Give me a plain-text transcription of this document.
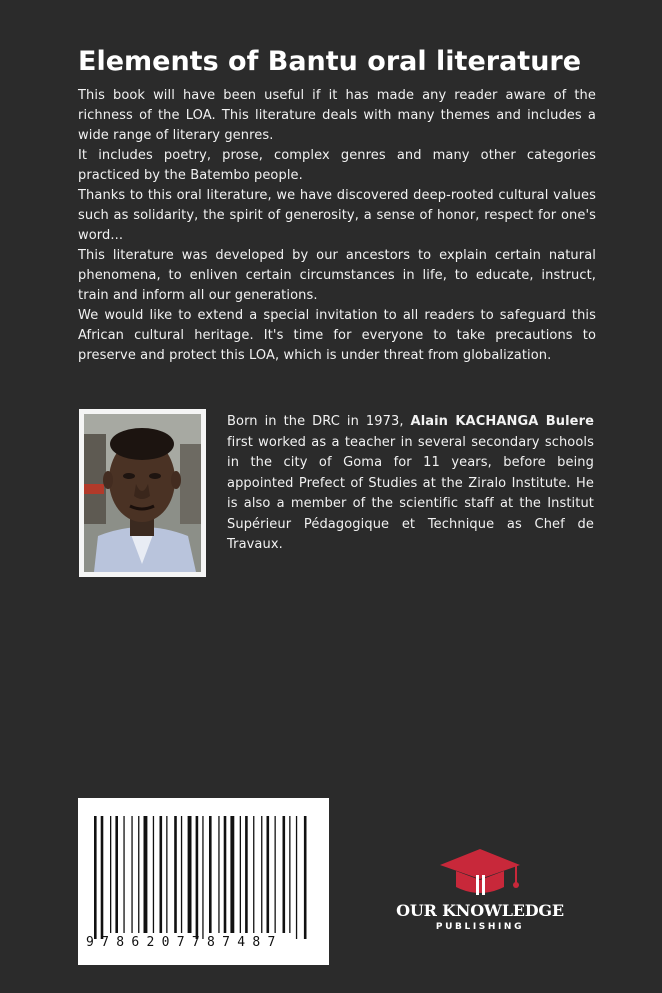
Elements of Bantu oral literature

This book will have been useful if it has made any reader aware of the richness of the LOA. This literature deals with many themes and includes a wide range of literary genres.

It includes poetry, prose, complex genres and many other categories practiced by the Batembo people.

Thanks to this oral literature, we have discovered deep-rooted cultural values such as solidarity, the spirit of generosity, a sense of honor, respect for one's word...

This literature was developed by our ancestors to explain certain natural phenomena, to enliven certain circumstances in life, to educate, instruct, train and inform all our generations.

We would like to extend a special invitation to all readers to safeguard this African cultural heritage. It's time for everyone to take precautions to preserve and protect this LOA, which is under threat from globalization.

Born in the DRC in 1973, Alain KACHANGA Bulere first worked as a teacher in several secondary schools in the city of Goma for 11 years, before being appointed Prefect of Studies at the Ziralo Institute. He is also a member of the scientific staff at the Institut Supérieur Pédagogique et Technique as Chef de Travaux.
9786207787487
OUR KNOWLEDGE
PUBLISHING
